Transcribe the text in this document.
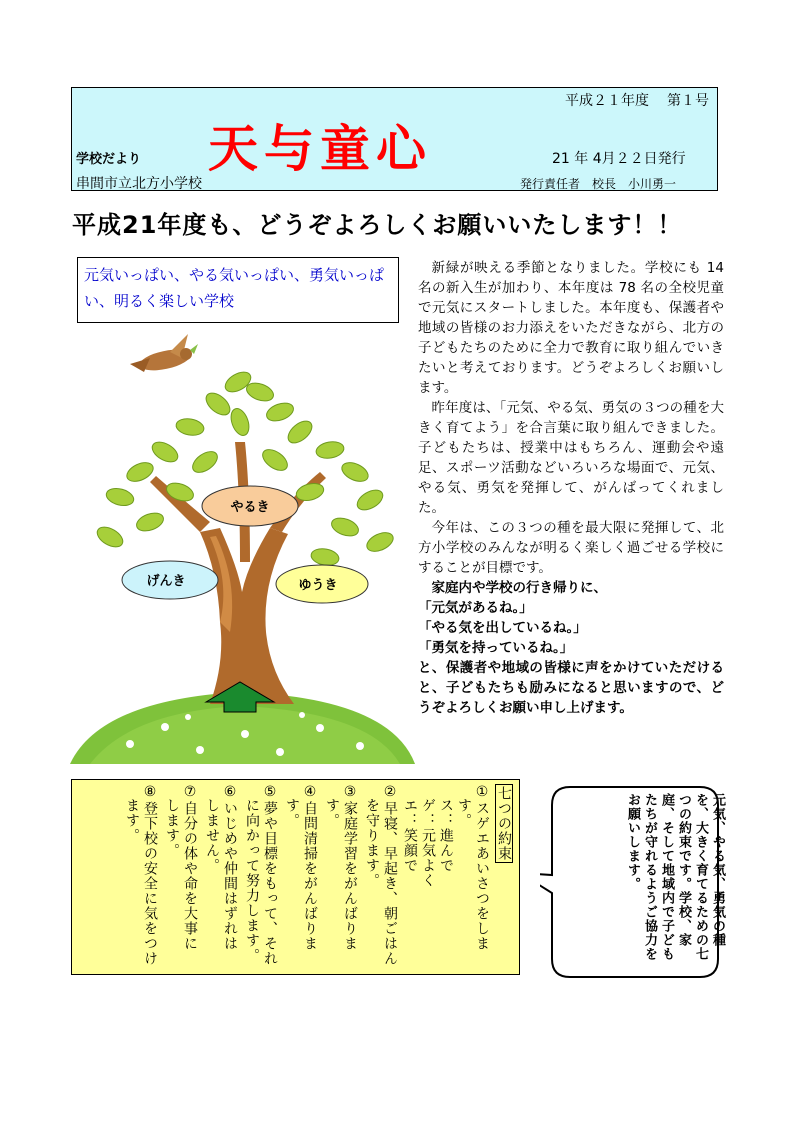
平成２１年度 第１号
学校だより 天与童心	21 年 4月２２日発行
串間市立北方小学校	発行責任者 校長 小川勇一
平成21年度も、どうぞよろしくお願いいたします！！
元気いっぱい、やる気いっぱい、勇気いっぱい、明るく楽しい学校
やるき
げんき	ゆうき

新緑が映える季節となりました。学校にも 14 名の新入生が加わり、本年度は 78 名の全校児童で元気にスタートしました。本年度も、保護者や地域の皆様のお力添えをいただきながら、北方の子どもたちのために全力で教育に取り組んでいきたいと考えております。どうぞよろしくお願いします。

昨年度は、「元気、やる気、勇気の３つの種を大きく育てよう」を合言葉に取り組んできました。子どもたちは、授業中はもちろん、運動会や遠足、スポーツ活動などいろいろな場面で、元気、やる気、勇気を発揮して、がんばってくれました。

今年は、この３つの種を最大限に発揮して、北方小学校のみんなが明るく楽しく過ごせる学校にすることが目標です。

家庭内や学校の行き帰りに、

「元気があるね。」

「やる気を出しているね。」

「勇気を持っているね。」

と、保護者や地域の皆様に声をかけていただけると、子どもたちも励みになると思いますので、どうぞよろしくお願い申し上げます。

七つの約束
①スゲエあいさつをしま
す。
ス：進んで
ゲ：元気よく
エ：笑顔で
②早寝、早起き、朝ごはん
を守ります。
③家庭学習をがんばりま
す。
④自問清掃をがんばりま
す。
⑤夢や目標をもって、それ
に向かって努力します。
⑥いじめや仲間はずれは
しません。
⑦自分の体や命を大事に
します。
⑧登下校の安全に気をつけ
ます。	元気、やる気、勇気の種を、大きく育てるための七つの約束です。学校、家庭、そして地域内で子どもたちが守れるようご協力をお願いします。
